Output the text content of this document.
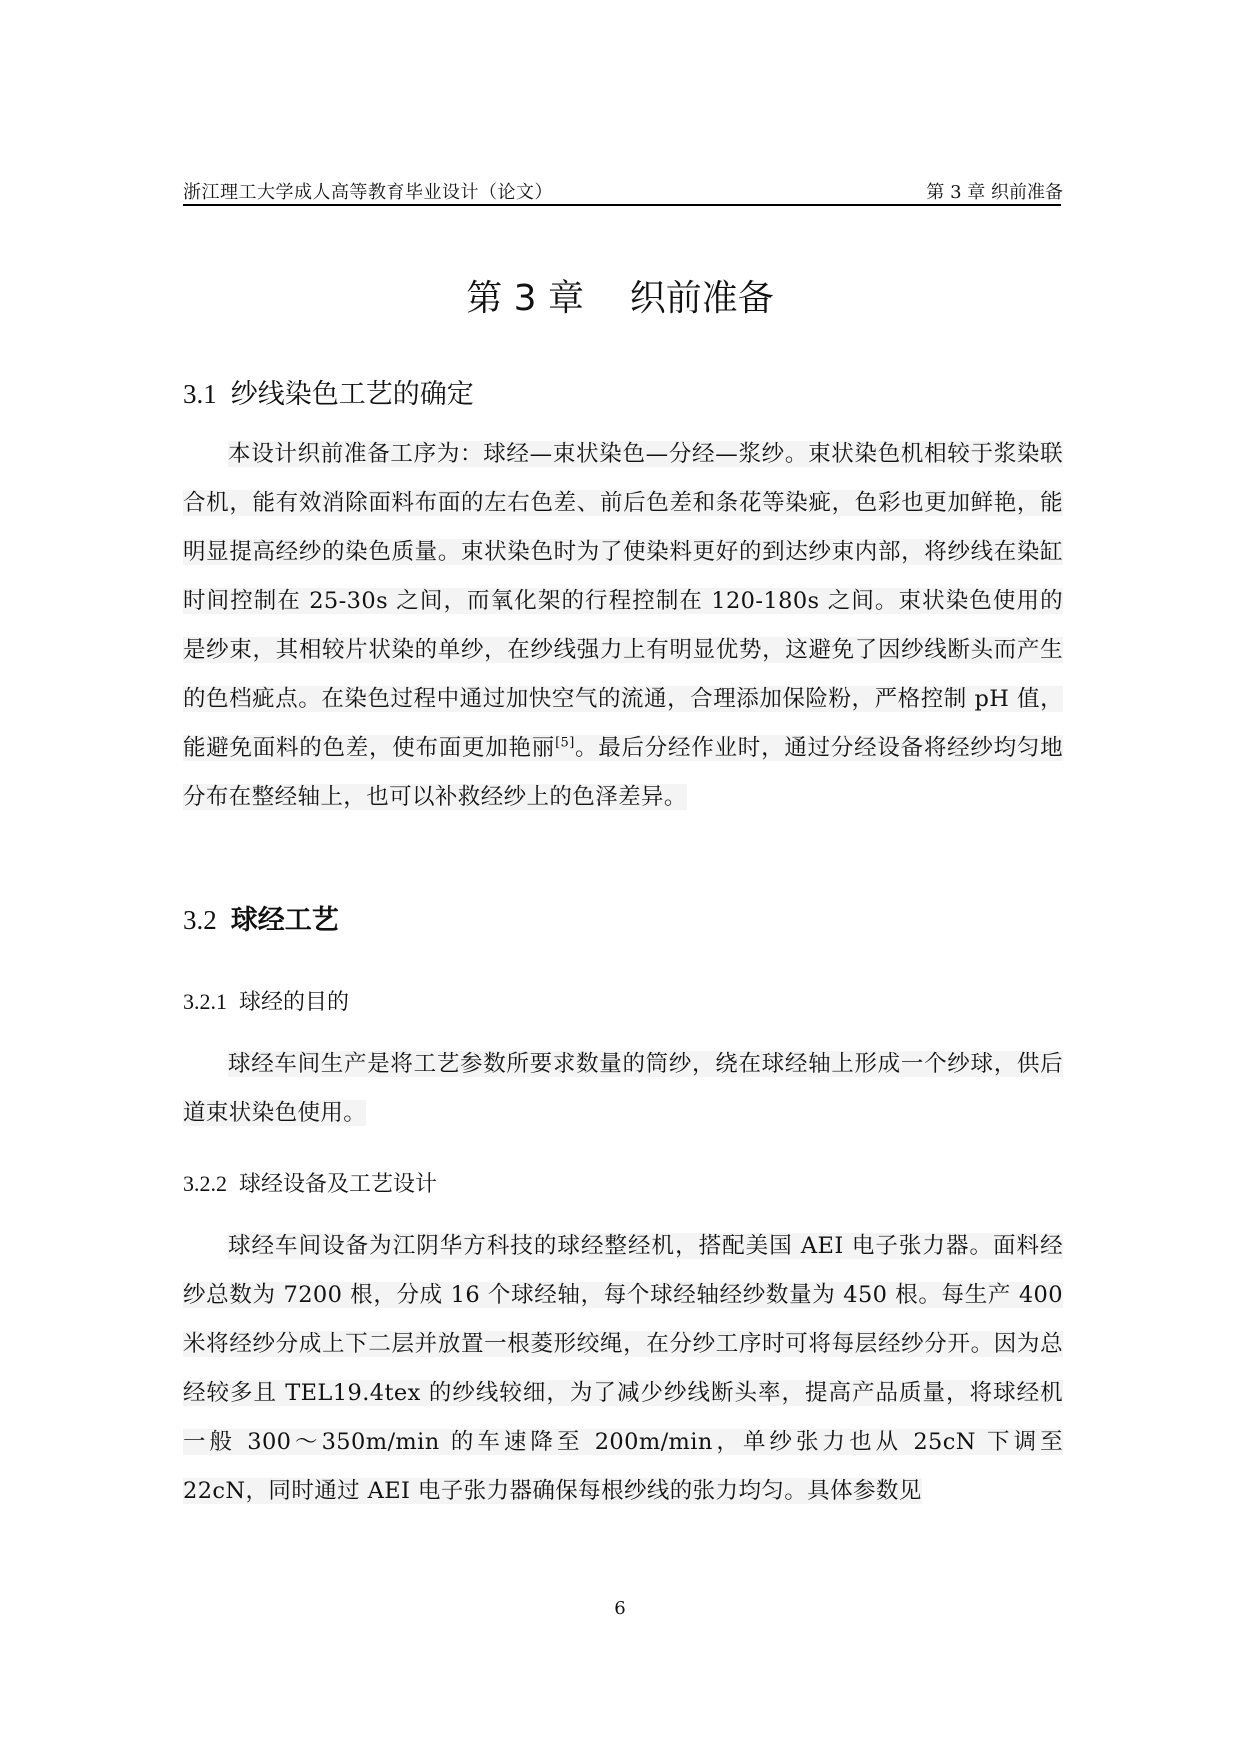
浙江理工大学成人高等教育毕业设计（论文）	第 3 章 织前准备
第 3 章    织前准备
3.1 纱线染色工艺的确定

本设计织前准备工序为：球经—束状染色—分经—浆纱。束状染色机相较于浆染联合机，能有效消除面料布面的左右色差、前后色差和条花等染疵，色彩也更加鲜艳，能明显提高经纱的染色质量。束状染色时为了使染料更好的到达纱束内部，将纱线在染缸时间控制在 25-30s 之间，而氧化架的行程控制在 120-180s 之间。束状染色使用的是纱束，其相较片状染的单纱，在纱线强力上有明显优势，这避免了因纱线断头而产生的色档疵点。在染色过程中通过加快空气的流通，合理添加保险粉，严格控制 pH 值，能避免面料的色差，使布面更加艳丽[5]。最后分经作业时，通过分经设备将经纱均匀地分布在整经轴上，也可以补救经纱上的色泽差异。

3.2 球经工艺
3.2.1 球经的目的

球经车间生产是将工艺参数所要求数量的筒纱，绕在球经轴上形成一个纱球，供后道束状染色使用。

3.2.2 球经设备及工艺设计

球经车间设备为江阴华方科技的球经整经机，搭配美国 AEI 电子张力器。面料经纱总数为 7200 根，分成 16 个球经轴，每个球经轴经纱数量为 450 根。每生产 400 米将经纱分成上下二层并放置一根菱形绞绳，在分纱工序时可将每层经纱分开。因为总经较多且 TEL19.4tex 的纱线较细，为了减少纱线断头率，提高产品质量，将球经机一般 300～350m/min 的车速降至 200m/min，单纱张力也从 25cN 下调至 22cN，同时通过 AEI 电子张力器确保每根纱线的张力均匀。具体参数见

6
